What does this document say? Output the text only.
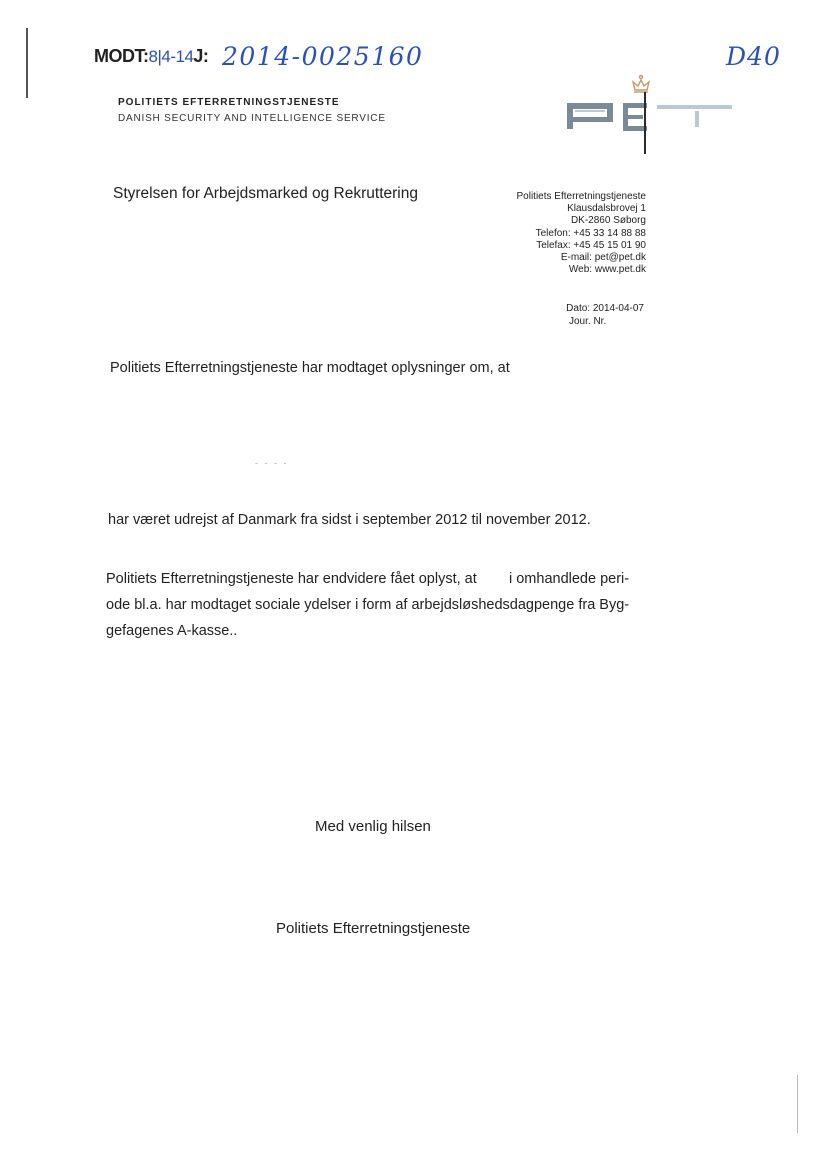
MODT:8|4-14J: 2014-0025160	D40
POLITIETS EFTERRETNINGSTJENESTE
DANISH SECURITY AND INTELLIGENCE SERVICE
Styrelsen for Arbejdsmarked og Rekruttering	Politiets Efterretningstjeneste
Klausdalsbrovej 1
DK-2860 Søborg
Telefon: +45 33 14 88 88
Telefax: +45 45 15 01 90
E-mail: pet@pet.dk
Web: www.pet.dk
Dato: 2014-04-07
Jour. Nr.
Politiets Efterretningstjeneste har modtaget oplysninger om, at
- - - -
har været udrejst af Danmark fra sidst i september 2012 til november 2012.
Politiets Efterretningstjeneste har endvidere fået oplyst, at        i omhandlede peri-
ode bl.a. har modtaget sociale ydelser i form af arbejdsløshedsdagpenge fra Byg-
gefagenes A-kasse..
Med venlig hilsen
Politiets Efterretningstjeneste
